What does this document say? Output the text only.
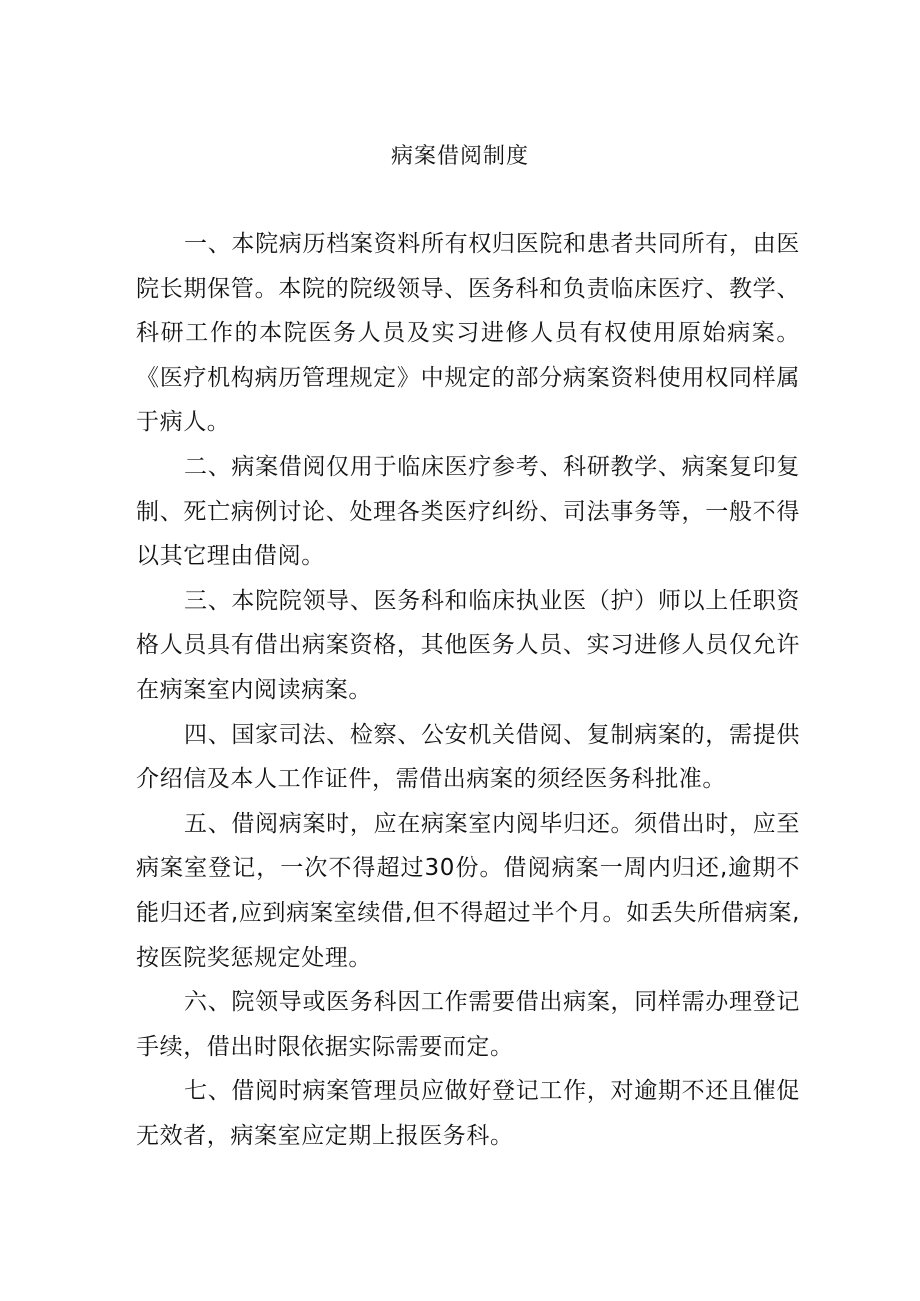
病案借阅制度

一、本院病历档案资料所有权归医院和患者共同所有，由医院长期保管。本院的院级领导、医务科和负责临床医疗、教学、科研工作的本院医务人员及实习进修人员有权使用原始病案。《医疗机构病历管理规定》中规定的部分病案资料使用权同样属于病人。

二、病案借阅仅用于临床医疗参考、科研教学、病案复印复制、死亡病例讨论、处理各类医疗纠纷、司法事务等，一般不得以其它理由借阅。

三、本院院领导、医务科和临床执业医（护）师以上任职资格人员具有借出病案资格，其他医务人员、实习进修人员仅允许在病案室内阅读病案。

四、国家司法、检察、公安机关借阅、复制病案的，需提供介绍信及本人工作证件，需借出病案的须经医务科批准。

五、借阅病案时，应在病案室内阅毕归还。须借出时，应至病案室登记，一次不得超过30份。借阅病案一周内归还,逾期不能归还者,应到病案室续借,但不得超过半个月。如丢失所借病案,按医院奖惩规定处理。

六、院领导或医务科因工作需要借出病案，同样需办理登记手续，借出时限依据实际需要而定。

七、借阅时病案管理员应做好登记工作，对逾期不还且催促无效者，病案室应定期上报医务科。
